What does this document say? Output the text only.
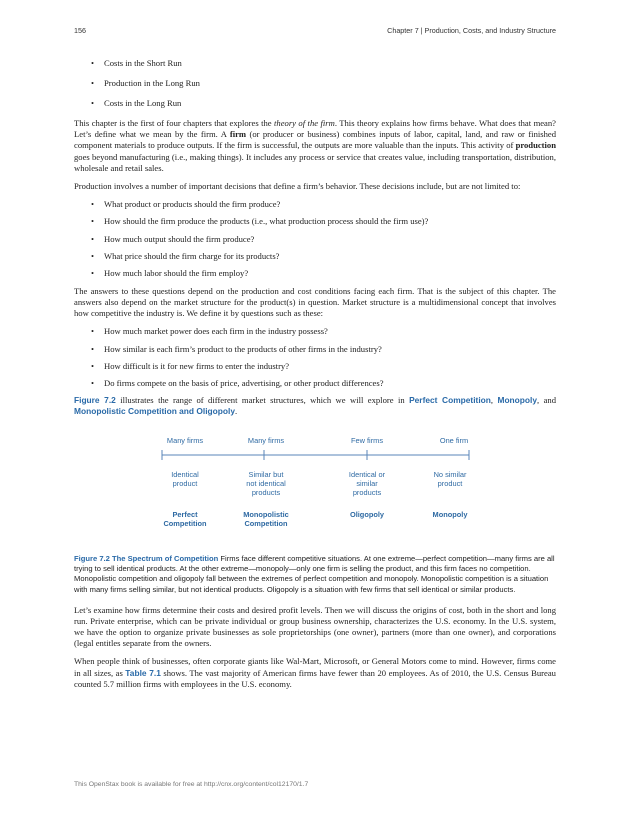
156	Chapter 7 | Production, Costs, and Industry Structure
• Costs in the Short Run
• Production in the Long Run
• Costs in the Long Run

This chapter is the first of four chapters that explores the theory of the firm. This theory explains how firms behave. What does that mean? Let’s define what we mean by the firm. A firm (or producer or business) combines inputs of labor, capital, land, and raw or finished component materials to produce outputs. If the firm is successful, the outputs are more valuable than the inputs. This activity of production goes beyond manufacturing (i.e., making things). It includes any process or service that creates value, including transportation, distribution, wholesale and retail sales.

Production involves a number of important decisions that define a firm’s behavior. These decisions include, but are not limited to:

• What product or products should the firm produce?
• How should the firm produce the products (i.e., what production process should the firm use)?
• How much output should the firm produce?
• What price should the firm charge for its products?
• How much labor should the firm employ?

The answers to these questions depend on the production and cost conditions facing each firm. That is the subject of this chapter. The answers also depend on the market structure for the product(s) in question. Market structure is a multidimensional concept that involves how competitive the industry is. We define it by questions such as these:

• How much market power does each firm in the industry possess?
• How similar is each firm’s product to the products of other firms in the industry?
• How difficult is it for new firms to enter the industry?
• Do firms compete on the basis of price, advertising, or other product differences?

Figure 7.2 illustrates the range of different market structures, which we will explore in Perfect Competition, Monopoly, and Monopolistic Competition and Oligopoly.

Many firms	Many firms	Few firms	One firm
Identical
product
Similar but
not identical
products
Identical or
similar
products
No similar
product
Perfect
Competition
Monopolistic
Competition
Oligopoly	Monopoly
Figure 7.2 The Spectrum of Competition Firms face different competitive situations. At one extreme—perfect competition—many firms are all trying to sell identical products. At the other extreme—monopoly—only one firm is selling the product, and this firm faces no competition. Monopolistic competition and oligopoly fall between the extremes of perfect competition and monopoly. Monopolistic competition is a situation with many firms selling similar, but not identical products. Oligopoly is a situation with few firms that sell identical or similar products.

Let’s examine how firms determine their costs and desired profit levels. Then we will discuss the origins of cost, both in the short and long run. Private enterprise, which can be private individual or group business ownership, characterizes the U.S. economy. In the U.S. system, we have the option to organize private businesses as sole proprietorships (one owner), partners (more than one owner), and corporations (legal entitles separate from the owners.

When people think of businesses, often corporate giants like Wal-Mart, Microsoft, or General Motors come to mind. However, firms come in all sizes, as Table 7.1 shows. The vast majority of American firms have fewer than 20 employees. As of 2010, the U.S. Census Bureau counted 5.7 million firms with employees in the U.S. economy.

This OpenStax book is available for free at http://cnx.org/content/col12170/1.7
